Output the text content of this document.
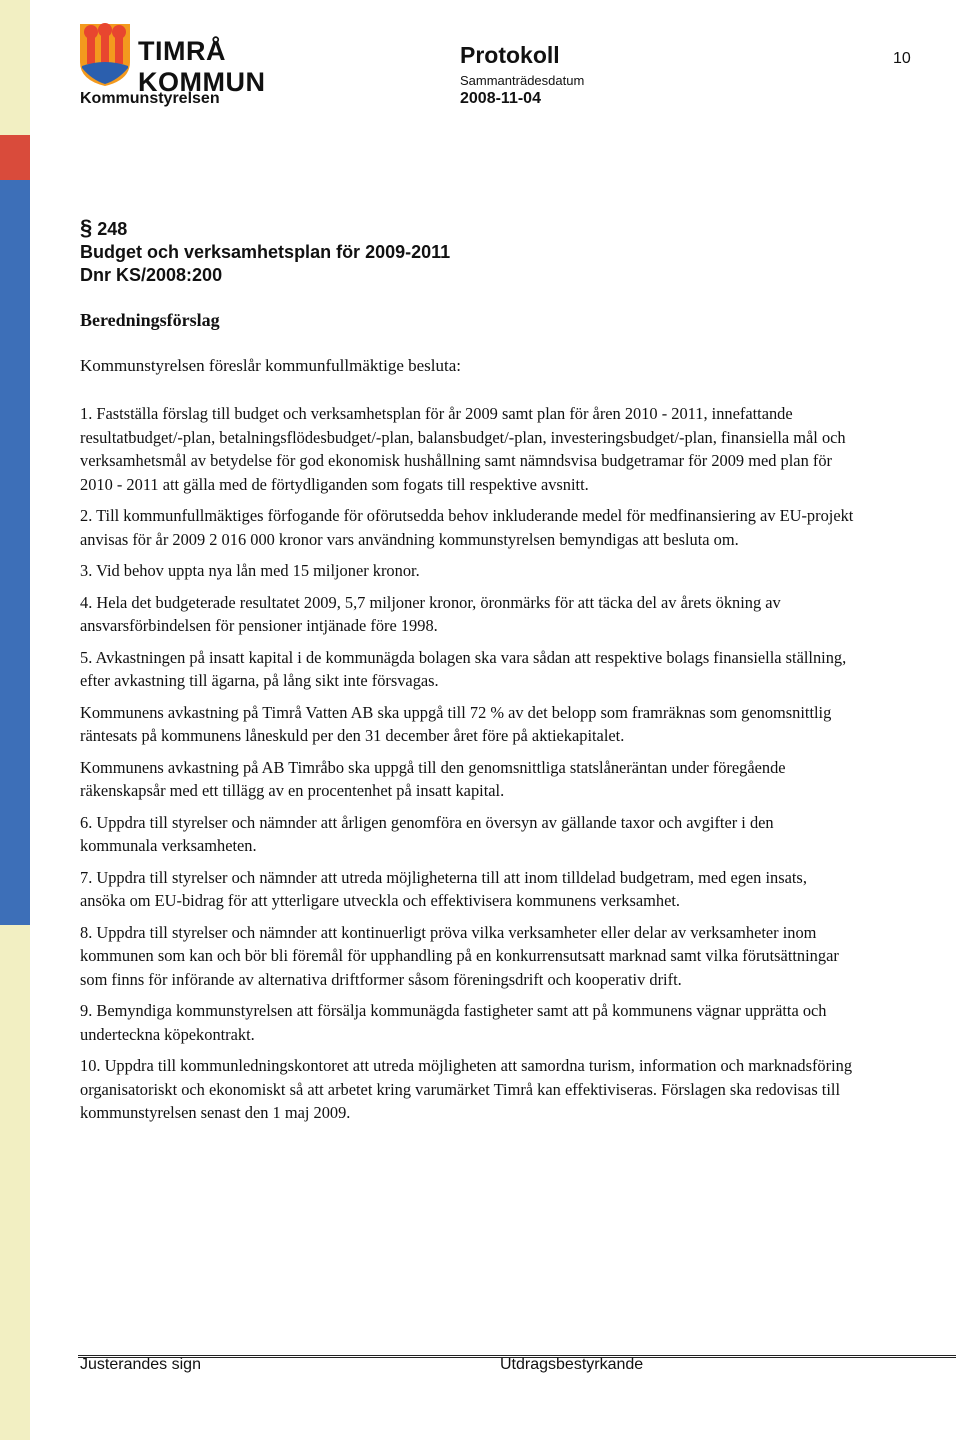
TIMRÅ KOMMUN
Kommunstyrelsen
Protokoll
Sammanträdesdatum
2008-11-04
10
§ 248
Budget och verksamhetsplan för 2009-2011
Dnr KS/2008:200
Beredningsförslag
Kommunstyrelsen föreslår kommunfullmäktige besluta:

1. Fastställa förslag till budget och verksamhetsplan för år 2009 samt plan för åren 2010 - 2011, innefattande resultatbudget/-plan, betalningsflödesbudget/-plan, balansbudget/-plan, investeringsbudget/-plan, finansiella mål och verksamhetsmål av betydelse för god ekonomisk hushållning samt nämndsvisa budgetramar för 2009 med plan för 2010 - 2011 att gälla med de förtydliganden som fogats till respektive avsnitt.

2. Till kommunfullmäktiges förfogande för oförutsedda behov inkluderande medel för medfinansiering av EU-projekt anvisas för år 2009 2 016 000 kronor vars användning kommunstyrelsen bemyndigas att besluta om.

3. Vid behov uppta nya lån med 15 miljoner kronor.

4. Hela det budgeterade resultatet 2009, 5,7 miljoner kronor, öronmärks för att täcka del av årets ökning av ansvarsförbindelsen för pensioner intjänade före 1998.

5. Avkastningen på insatt kapital i de kommunägda bolagen ska vara sådan att respektive bolags finansiella ställning, efter avkastning till ägarna, på lång sikt inte försvagas.

Kommunens avkastning på Timrå Vatten AB ska uppgå till 72 % av det belopp som framräknas som genomsnittlig räntesats på kommunens låneskuld per den 31 december året före på aktiekapitalet.

Kommunens avkastning på AB Timråbo ska uppgå till den genomsnittliga statslåneräntan under föregående räkenskapsår med ett tillägg av en procentenhet på insatt kapital.

6. Uppdra till styrelser och nämnder att årligen genomföra en översyn av gällande taxor och avgifter i den kommunala verksamheten.

7. Uppdra till styrelser och nämnder att utreda möjligheterna till att inom tilldelad budgetram, med egen insats, ansöka om EU-bidrag för att ytterligare utveckla och effektivisera kommunens verksamhet.

8. Uppdra till styrelser och nämnder att kontinuerligt pröva vilka verksamheter eller delar av verksamheter inom kommunen som kan och bör bli föremål för upphandling på en konkurrensutsatt marknad samt vilka förutsättningar som finns för införande av alternativa driftformer såsom föreningsdrift och kooperativ drift.

9. Bemyndiga kommunstyrelsen att försälja kommunägda fastigheter samt att på kommunens vägnar upprätta och underteckna köpekontrakt.

10. Uppdra till kommunledningskontoret att utreda möjligheten att samordna turism, information och marknadsföring organisatoriskt och ekonomiskt så att arbetet kring varumärket Timrå kan effektiviseras. Förslagen ska redovisas till kommunstyrelsen senast den 1 maj 2009.

Justerandes sign	Utdragsbestyrkande
